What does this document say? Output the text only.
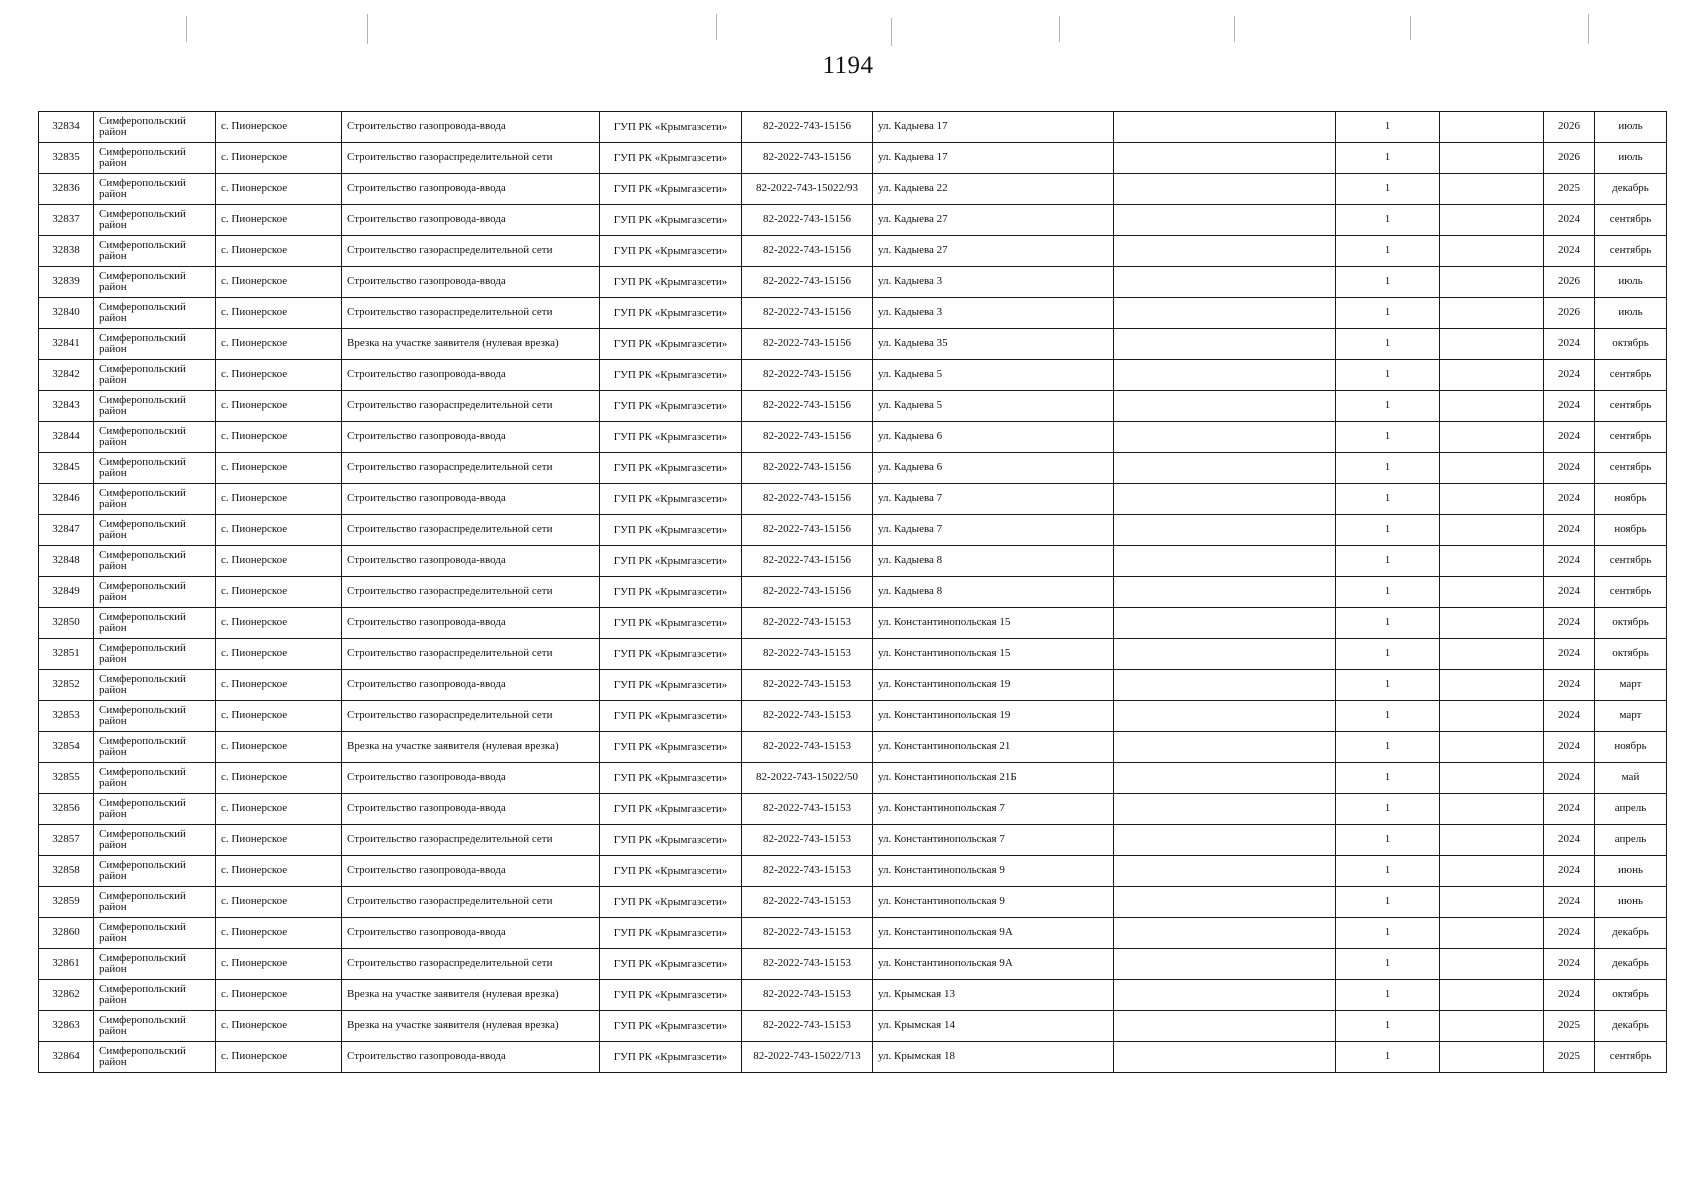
1194
32834	Симферопольский район	с. Пионерское	Строительство газопровода-ввода	ГУП РК «Крымгазсети»	82-2022-743-15156	ул. Кадыева 17		1		2026	июль
32835	Симферопольский район	с. Пионерское	Строительство газораспределительной сети	ГУП РК «Крымгазсети»	82-2022-743-15156	ул. Кадыева 17		1		2026	июль
32836	Симферопольский район	с. Пионерское	Строительство газопровода-ввода	ГУП РК «Крымгазсети»	82-2022-743-15022/93	ул. Кадыева 22		1		2025	декабрь
32837	Симферопольский район	с. Пионерское	Строительство газопровода-ввода	ГУП РК «Крымгазсети»	82-2022-743-15156	ул. Кадыева 27		1		2024	сентябрь
32838	Симферопольский район	с. Пионерское	Строительство газораспределительной сети	ГУП РК «Крымгазсети»	82-2022-743-15156	ул. Кадыева 27		1		2024	сентябрь
32839	Симферопольский район	с. Пионерское	Строительство газопровода-ввода	ГУП РК «Крымгазсети»	82-2022-743-15156	ул. Кадыева 3		1		2026	июль
32840	Симферопольский район	с. Пионерское	Строительство газораспределительной сети	ГУП РК «Крымгазсети»	82-2022-743-15156	ул. Кадыева 3		1		2026	июль
32841	Симферопольский район	с. Пионерское	Врезка на участке заявителя (нулевая врезка)	ГУП РК «Крымгазсети»	82-2022-743-15156	ул. Кадыева 35		1		2024	октябрь
32842	Симферопольский район	с. Пионерское	Строительство газопровода-ввода	ГУП РК «Крымгазсети»	82-2022-743-15156	ул. Кадыева 5		1		2024	сентябрь
32843	Симферопольский район	с. Пионерское	Строительство газораспределительной сети	ГУП РК «Крымгазсети»	82-2022-743-15156	ул. Кадыева 5		1		2024	сентябрь
32844	Симферопольский район	с. Пионерское	Строительство газопровода-ввода	ГУП РК «Крымгазсети»	82-2022-743-15156	ул. Кадыева 6		1		2024	сентябрь
32845	Симферопольский район	с. Пионерское	Строительство газораспределительной сети	ГУП РК «Крымгазсети»	82-2022-743-15156	ул. Кадыева 6		1		2024	сентябрь
32846	Симферопольский район	с. Пионерское	Строительство газопровода-ввода	ГУП РК «Крымгазсети»	82-2022-743-15156	ул. Кадыева 7		1		2024	ноябрь
32847	Симферопольский район	с. Пионерское	Строительство газораспределительной сети	ГУП РК «Крымгазсети»	82-2022-743-15156	ул. Кадыева 7		1		2024	ноябрь
32848	Симферопольский район	с. Пионерское	Строительство газопровода-ввода	ГУП РК «Крымгазсети»	82-2022-743-15156	ул. Кадыева 8		1		2024	сентябрь
32849	Симферопольский район	с. Пионерское	Строительство газораспределительной сети	ГУП РК «Крымгазсети»	82-2022-743-15156	ул. Кадыева 8		1		2024	сентябрь
32850	Симферопольский район	с. Пионерское	Строительство газопровода-ввода	ГУП РК «Крымгазсети»	82-2022-743-15153	ул. Константинопольская 15		1		2024	октябрь
32851	Симферопольский район	с. Пионерское	Строительство газораспределительной сети	ГУП РК «Крымгазсети»	82-2022-743-15153	ул. Константинопольская 15		1		2024	октябрь
32852	Симферопольский район	с. Пионерское	Строительство газопровода-ввода	ГУП РК «Крымгазсети»	82-2022-743-15153	ул. Константинопольская 19		1		2024	март
32853	Симферопольский район	с. Пионерское	Строительство газораспределительной сети	ГУП РК «Крымгазсети»	82-2022-743-15153	ул. Константинопольская 19		1		2024	март
32854	Симферопольский район	с. Пионерское	Врезка на участке заявителя (нулевая врезка)	ГУП РК «Крымгазсети»	82-2022-743-15153	ул. Константинопольская 21		1		2024	ноябрь
32855	Симферопольский район	с. Пионерское	Строительство газопровода-ввода	ГУП РК «Крымгазсети»	82-2022-743-15022/50	ул. Константинопольская 21Б		1		2024	май
32856	Симферопольский район	с. Пионерское	Строительство газопровода-ввода	ГУП РК «Крымгазсети»	82-2022-743-15153	ул. Константинопольская 7		1		2024	апрель
32857	Симферопольский район	с. Пионерское	Строительство газораспределительной сети	ГУП РК «Крымгазсети»	82-2022-743-15153	ул. Константинопольская 7		1		2024	апрель
32858	Симферопольский район	с. Пионерское	Строительство газопровода-ввода	ГУП РК «Крымгазсети»	82-2022-743-15153	ул. Константинопольская 9		1		2024	июнь
32859	Симферопольский район	с. Пионерское	Строительство газораспределительной сети	ГУП РК «Крымгазсети»	82-2022-743-15153	ул. Константинопольская 9		1		2024	июнь
32860	Симферопольский район	с. Пионерское	Строительство газопровода-ввода	ГУП РК «Крымгазсети»	82-2022-743-15153	ул. Константинопольская 9А		1		2024	декабрь
32861	Симферопольский район	с. Пионерское	Строительство газораспределительной сети	ГУП РК «Крымгазсети»	82-2022-743-15153	ул. Константинопольская 9А		1		2024	декабрь
32862	Симферопольский район	с. Пионерское	Врезка на участке заявителя (нулевая врезка)	ГУП РК «Крымгазсети»	82-2022-743-15153	ул. Крымская 13		1		2024	октябрь
32863	Симферопольский район	с. Пионерское	Врезка на участке заявителя (нулевая врезка)	ГУП РК «Крымгазсети»	82-2022-743-15153	ул. Крымская 14		1		2025	декабрь
32864	Симферопольский район	с. Пионерское	Строительство газопровода-ввода	ГУП РК «Крымгазсети»	82-2022-743-15022/713	ул. Крымская 18		1		2025	сентябрь
